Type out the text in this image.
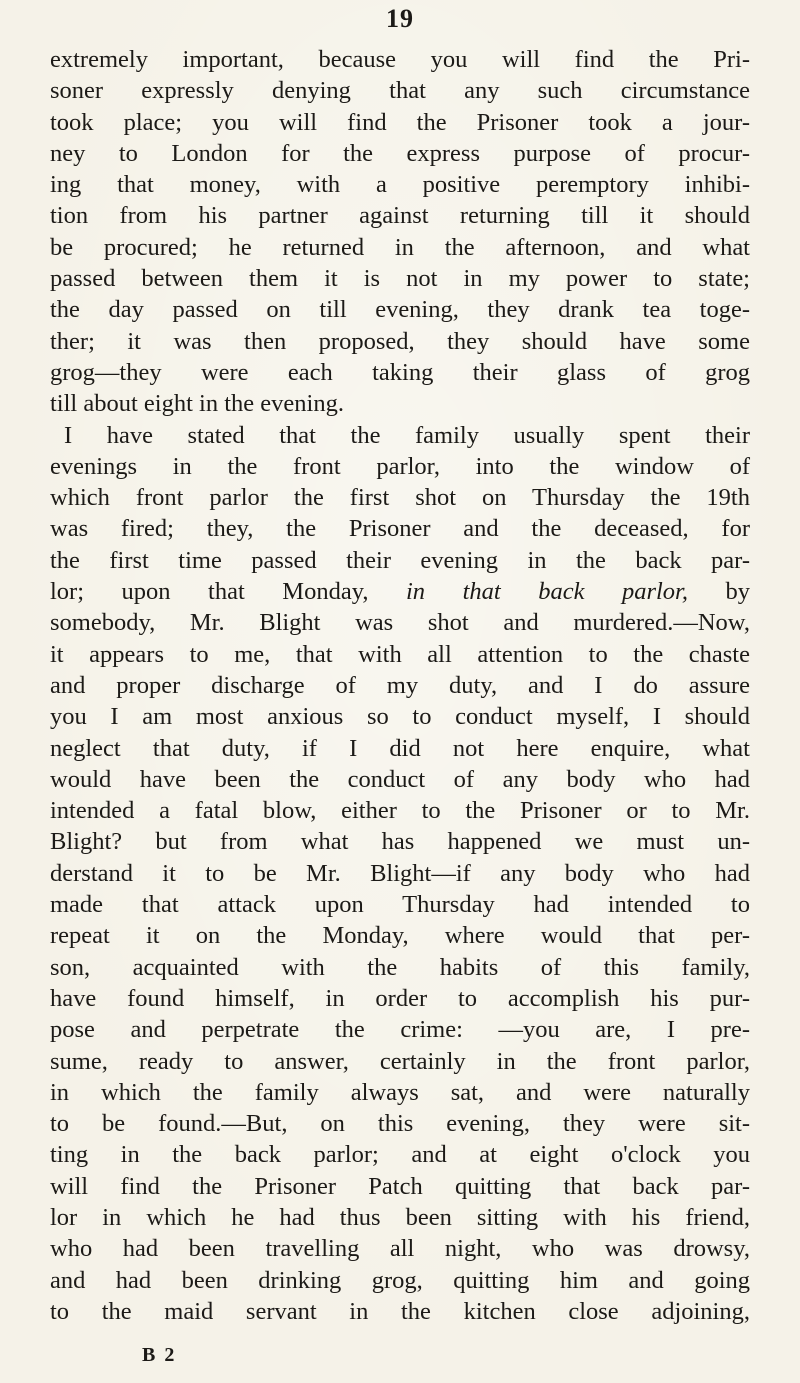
19
extremely important, because you will find the Pri-
soner expressly denying that any such circumstance
took place; you will find the Prisoner took a jour-
ney to London for the express purpose of procur-
ing that money, with a positive peremptory inhibi-
tion from his partner against returning till it should
be procured; he returned in the afternoon, and what
passed between them it is not in my power to state;
the day passed on till evening, they drank tea toge-
ther; it was then proposed, they should have some
grog—they were each taking their glass of grog
till about eight in the evening.
I have stated that the family usually spent their
evenings in the front parlor, into the window of
which front parlor the first shot on Thursday the 19th
was fired; they, the Prisoner and the deceased, for
the first time passed their evening in the back par-
lor; upon that Monday, in that back parlor, by
somebody, Mr. Blight was shot and murdered.—Now,
it appears to me, that with all attention to the chaste
and proper discharge of my duty, and I do assure
you I am most anxious so to conduct myself, I should
neglect that duty, if I did not here enquire, what
would have been the conduct of any body who had
intended a fatal blow, either to the Prisoner or to Mr.
Blight? but from what has happened we must un-
derstand it to be Mr. Blight—if any body who had
made that attack upon Thursday had intended to
repeat it on the Monday, where would that per-
son, acquainted with the habits of this family,
have found himself, in order to accomplish his pur-
pose and perpetrate the crime: —you are, I pre-
sume, ready to answer, certainly in the front parlor,
in which the family always sat, and were naturally
to be found.—But, on this evening, they were sit-
ting in the back parlor; and at eight o'clock you
will find the Prisoner Patch quitting that back par-
lor in which he had thus been sitting with his friend,
who had been travelling all night, who was drowsy,
and had been drinking grog, quitting him and going
to the maid servant in the kitchen close adjoining,
B 2
